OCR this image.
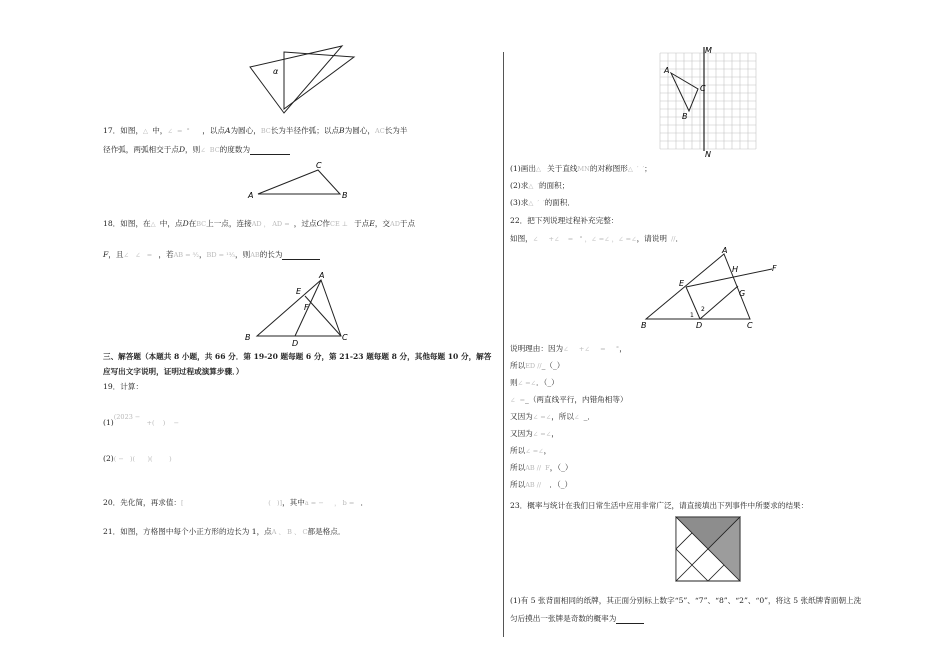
α
17．如图，△  中，∠  =  °      ，以点A为圆心，BC长为半径作弧；以点B为圆心，AC长为半
径作弧，两弧相交于点D，则∠  BC的度数为
C
A	B
18．如图，在△  中，点D在BC上一点，连接AD ， AD =  ，过点C作CE ⊥   于点E，交AD于点
F，且∠   ∠   =   ，若AB = ⁵⁄₂，BD = ¹³⁄₃，则AB的长为
A
E
F
B
D
C
三、解答题（本题共 8 小题，共 66 分．第 19-20 题每题 6 分，第 21-23 题每题 8 分，其他每题 10 分，解答
应写出文字说明，证明过程或演算步骤．）
19．计算：
(1)(2023 −   +(    )    −
(2)( −   )(      )(        )
20．先化简，再求值：[                                         (   )]，其中a = −     ， b =   ．
21．如图，方格图中每个小正方形的边长为 1，点A 、 B 、 C都是格点．
M
N
A
C
B
(1)画出△   关于直线MN的对称图形△  ′  ′；
(2)求△  ′的面积；
(3)求△  ′  ′的面积．
22．把下列说理过程补充完整：
如图，∠     +∠    =   ° ，∠ =∠ ，∠ =∠，请说明  //．
A
H	F
E
G
1
2
B	D	C
说明理由：因为∠     +∠     =     °，
所以ED //_（_）
则∠ =∠．（_）
∠  =_（两直线平行，内错角相等）
又因为∠ =∠，所以∠  _．
又因为∠ =∠，
所以∠ =∠，
所以AB //  F，（_）
所以AB //    ．（_）
23．概率与统计在我们日常生活中应用非常广泛，请直接填出下列事件中所要求的结果：
(1)有 5 张背面相同的纸牌，其正面分别标上数字“5”、“7”、“8”、“2”、“0”，将这 5 张纸牌背面朝上洗
匀后摸出一张牌是奇数的概率为
